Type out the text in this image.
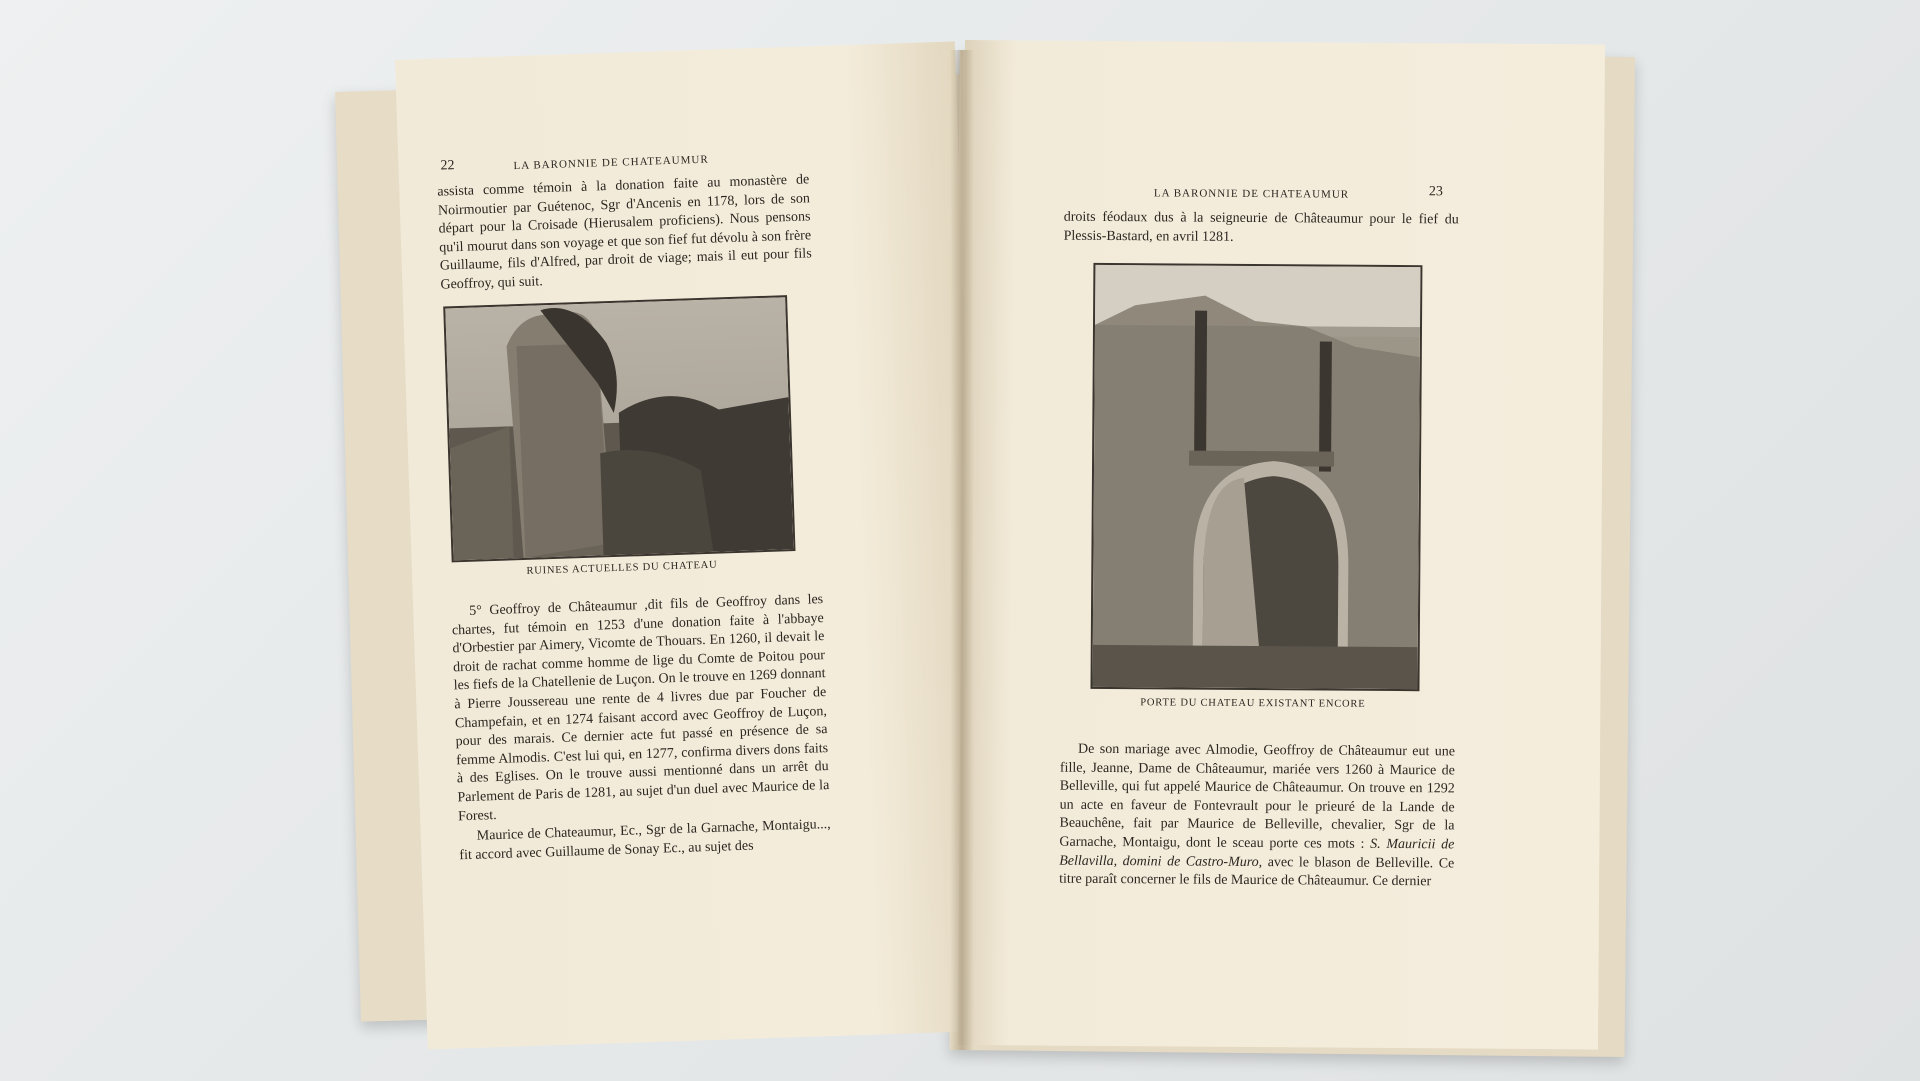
22	LA BARONNIE DE CHATEAUMUR

assista comme témoin à la donation faite au monastère de Noirmoutier par Guétenoc, Sgr d'Ancenis en 1178, lors de son départ pour la Croisade (Hierusalem proficiens). Nous pensons qu'il mourut dans son voyage et que son fief fut dévolu à son frère Guillaume, fils d'Alfred, par droit de viage; mais il eut pour fils Geoffroy, qui suit.

RUINES ACTUELLES DU CHATEAU

5° Geoffroy de Châteaumur ,dit fils de Geoffroy dans les chartes, fut témoin en 1253 d'une donation faite à l'abbaye d'Orbestier par Aimery, Vicomte de Thouars. En 1260, il devait le droit de rachat comme homme de lige du Comte de Poitou pour les fiefs de la Chatellenie de Luçon. On le trouve en 1269 donnant à Pierre Joussereau une rente de 4 livres due par Foucher de Champefain, et en 1274 faisant accord avec Geoffroy de Luçon, pour des marais. Ce dernier acte fut passé en présence de sa femme Almodis. C'est lui qui, en 1277, confirma divers dons faits à des Eglises. On le trouve aussi mentionné dans un arrêt du Parlement de Paris de 1281, au sujet d'un duel avec Maurice de la Forest.

Maurice de Chateaumur, Ec., Sgr de la Garnache, Montaigu..., fit accord avec Guillaume de Sonay Ec., au sujet des

LA BARONNIE DE CHATEAUMUR	23

droits féodaux dus à la seigneurie de Châteaumur pour le fief du Plessis-Bastard, en avril 1281.

PORTE DU CHATEAU EXISTANT ENCORE

De son mariage avec Almodie, Geoffroy de Châteaumur eut une fille, Jeanne, Dame de Châteaumur, mariée vers 1260 à Maurice de Belleville, qui fut appelé Maurice de Châteaumur. On trouve en 1292 un acte en faveur de Fontevrault pour le prieuré de la Lande de Beauchêne, fait par Maurice de Belleville, chevalier, Sgr de la Garnache, Montaigu, dont le sceau porte ces mots : S. Mauricii de Bellavilla, domini de Castro-Muro, avec le blason de Belleville. Ce titre paraît concerner le fils de Maurice de Châteaumur. Ce dernier
